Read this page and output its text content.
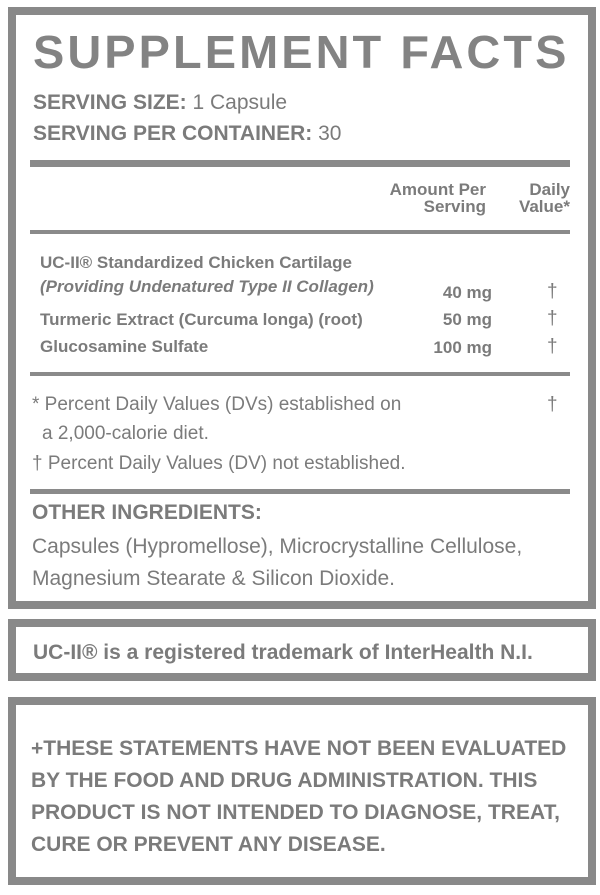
SUPPLEMENT FACTS
SERVING SIZE: 1 Capsule
SERVING PER CONTAINER: 30
Amount Per
Serving
Daily
Value*
UC-II® Standardized Chicken Cartilage
(Providing Undenatured Type II Collagen)	40 mg	†
Turmeric Extract (Curcuma longa) (root)	50 mg	†
Glucosamine Sulfate	100 mg	†
* Percent Daily Values (DVs) established on	†
a 2,000-calorie diet.
† Percent Daily Values (DV) not established.
OTHER INGREDIENTS:
Capsules (Hypromellose), Microcrystalline Cellulose,
Magnesium Stearate & Silicon Dioxide.
UC-II® is a registered trademark of InterHealth N.I.
+THESE STATEMENTS HAVE NOT BEEN EVALUATED
BY THE FOOD AND DRUG ADMINISTRATION. THIS
PRODUCT IS NOT INTENDED TO DIAGNOSE, TREAT,
CURE OR PREVENT ANY DISEASE.
